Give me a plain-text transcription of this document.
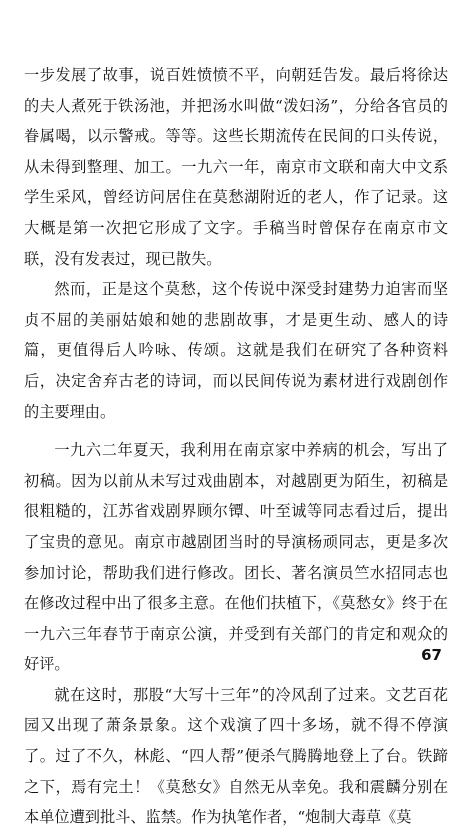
一步发展了故事，说百姓愤愤不平，向朝廷告发。最后将徐达的夫人煮死于铁汤池，并把汤水叫做“泼妇汤”，分给各官员的眷属喝，以示警戒。等等。这些长期流传在民间的口头传说，从未得到整理、加工。一九六一年，南京市文联和南大中文系学生采风，曾经访问居住在莫愁湖附近的老人，作了记录。这大概是第一次把它形成了文字。手稿当时曾保存在南京市文联，没有发表过，现已散失。

然而，正是这个莫愁，这个传说中深受封建势力迫害而坚贞不屈的美丽姑娘和她的悲剧故事，才是更生动、感人的诗篇，更值得后人吟咏、传颂。这就是我们在研究了各种资料后，决定舍弃古老的诗词，而以民间传说为素材进行戏剧创作的主要理由。

一九六二年夏天，我利用在南京家中养病的机会，写出了初稿。因为以前从未写过戏曲剧本，对越剧更为陌生，初稿是很粗糙的，江苏省戏剧界顾尔镡、叶至诚等同志看过后，提出了宝贵的意见。南京市越剧团当时的导演杨顽同志，更是多次参加讨论，帮助我们进行修改。团长、著名演员竺水招同志也在修改过程中出了很多主意。在他们扶植下，《莫愁女》终于在一九六三年春节于南京公演，并受到有关部门的肯定和观众的好评。

就在这时，那股“大写十三年”的冷风刮了过来。文艺百花园又出现了萧条景象。这个戏演了四十多场，就不得不停演了。过了不久，林彪、“四人帮”便杀气腾腾地登上了台。铁蹄之下，焉有完土！《莫愁女》自然无从幸免。我和震麟分别在本单位遭到批斗、监禁。作为执笔作者，“炮制大毒草《莫

67
